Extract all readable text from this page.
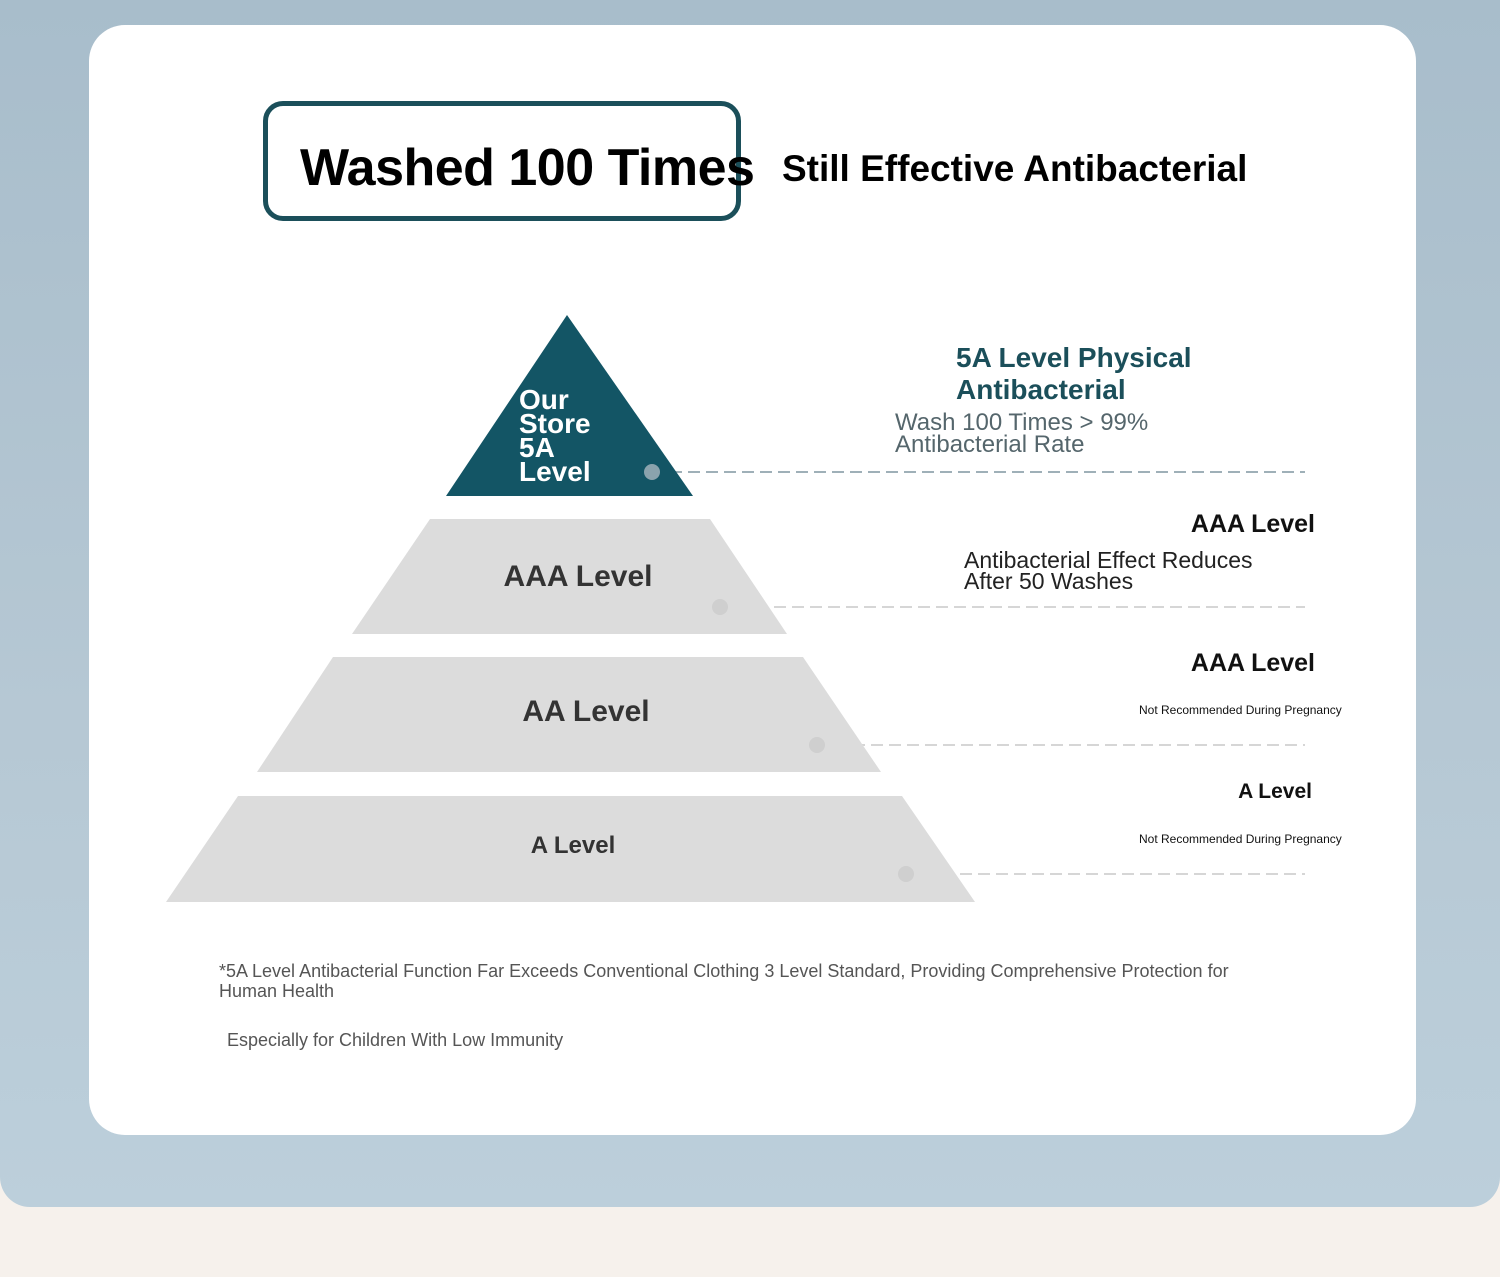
Washed 100 Times Still Effective Antibacterial
Our
Store
5A
Level
AAA Level
AA Level
A Level
5A Level Physical Antibacterial
Wash 100 Times > 99% Antibacterial Rate
AAA Level
Antibacterial Effect Reduces After 50 Washes
AAA Level
Not Recommended During Pregnancy
A Level
Not Recommended During Pregnancy
*5A Level Antibacterial Function Far Exceeds Conventional Clothing 3 Level Standard, Providing Comprehensive Protection for Human Health
Especially for Children With Low Immunity
